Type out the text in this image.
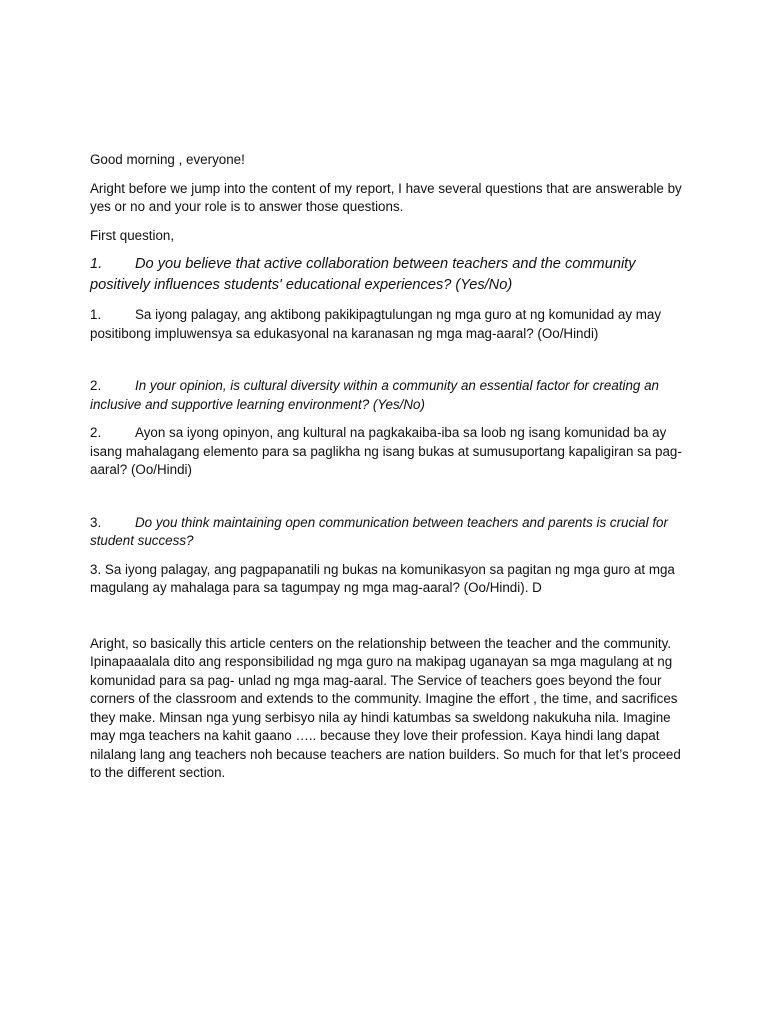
Good morning , everyone!

Aright before we jump into the content of my report, I have several questions that are answerable by yes or no and your role is to answer those questions.

First question,

1. Do you believe that active collaboration between teachers and the community positively influences students' educational experiences? (Yes/No)

1.	Sa iyong palagay, ang aktibong pakikipagtulungan ng mga guro at ng komunidad ay may positibong impluwensya sa edukasyonal na karanasan ng mga mag-aaral? (Oo/Hindi)

2.	In your opinion, is cultural diversity within a community an essential factor for creating an inclusive and supportive learning environment? (Yes/No)

2.	Ayon sa iyong opinyon, ang kultural na pagkakaiba-iba sa loob ng isang komunidad ba ay isang mahalagang elemento para sa paglikha ng isang bukas at sumusuportang kapaligiran sa pag-aaral? (Oo/Hindi)

3.	Do you think maintaining open communication between teachers and parents is crucial for student success?

3. Sa iyong palagay, ang pagpapanatili ng bukas na komunikasyon sa pagitan ng mga guro at mga magulang ay mahalaga para sa tagumpay ng mga mag-aaral? (Oo/Hindi). D

Aright, so basically this article centers on the relationship between the teacher and the community. Ipinapaaalala dito ang responsibilidad ng mga guro na makipag uganayan sa mga magulang at ng komunidad para sa pag- unlad ng mga mag-aaral. The Service of teachers goes beyond the four corners of the classroom and extends to the community. Imagine the effort , the time, and sacrifices they make. Minsan nga yung serbisyo nila ay hindi katumbas sa sweldong nakukuha nila. Imagine may mga teachers na kahit gaano ….. because they love their profession. Kaya hindi lang dapat nilalang lang ang teachers noh because teachers are nation builders. So much for that let’s proceed to the different section.
